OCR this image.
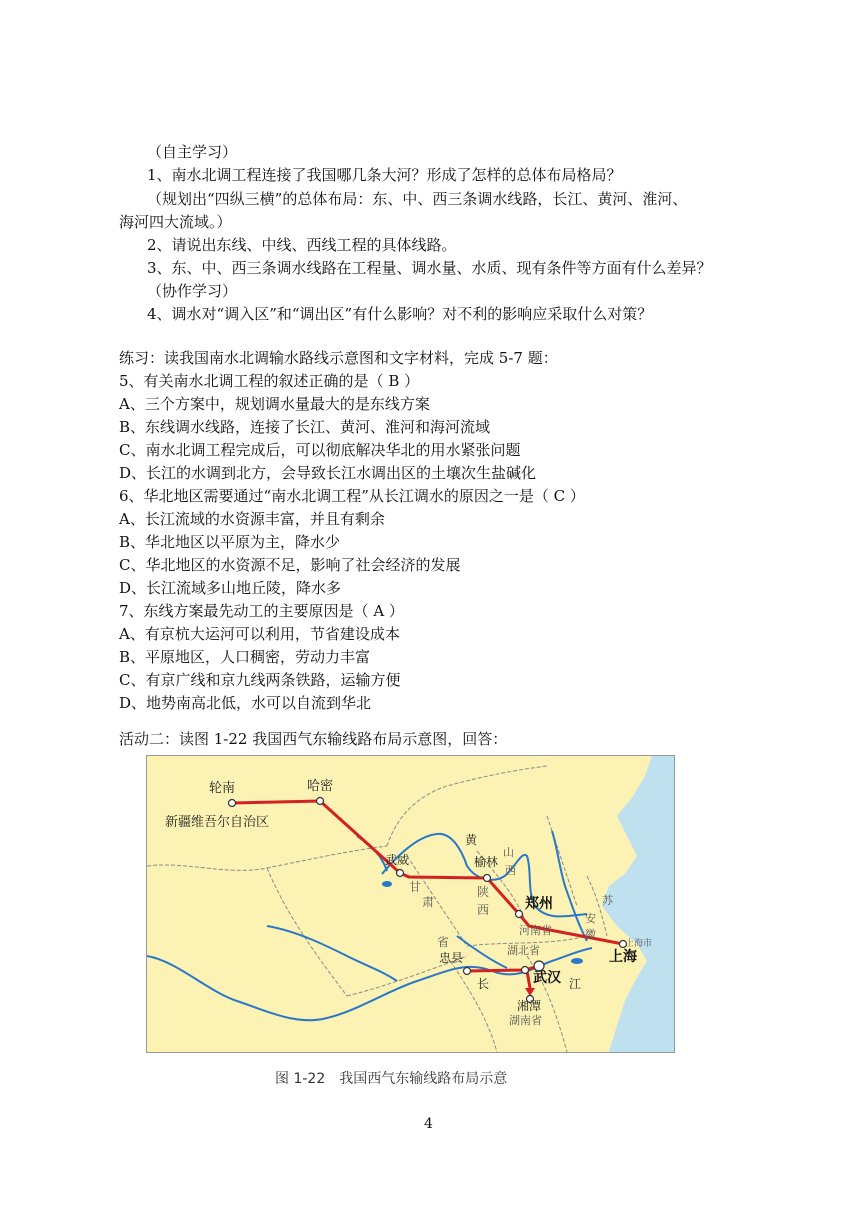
（自主学习）
1、南水北调工程连接了我国哪几条大河？形成了怎样的总体布局格局？
（规划出“四纵三横”的总体布局：东、中、西三条调水线路，长江、黄河、淮河、
海河四大流域。）
2、请说出东线、中线、西线工程的具体线路。
3、东、中、西三条调水线路在工程量、调水量、水质、现有条件等方面有什么差异？
（协作学习）
4、调水对“调入区”和“调出区”有什么影响？对不利的影响应采取什么对策？
练习：读我国南水北调输水路线示意图和文字材料，完成 5-7 题：
5、有关南水北调工程的叙述正确的是（ B ）
A、三个方案中，规划调水量最大的是东线方案
B、东线调水线路，连接了长江、黄河、淮河和海河流域
C、南水北调工程完成后，可以彻底解决华北的用水紧张问题
D、长江的水调到北方，会导致长江水调出区的土壤次生盐碱化
6、华北地区需要通过“南水北调工程”从长江调水的原因之一是（ C ）
A、长江流域的水资源丰富，并且有剩余
B、华北地区以平原为主，降水少
C、华北地区的水资源不足，影响了社会经济的发展
D、长江流域多山地丘陵，降水多
7、东线方案最先动工的主要原因是（ A ）
A、有京杭大运河可以利用，节省建设成本
B、平原地区，人口稠密，劳动力丰富
C、有京广线和京九线两条铁路，运输方便
D、地势南高北低，水可以自流到华北
活动二：读图 1-22 我国西气东输线路布局示意图，回答：
新疆维吾尔自治区
轮南	哈密
武威	榆林
郑州
上海
忠县
武汉
湘潭
甘
肃
陕
西
省
河南省
湖北省
湖南省
山
西
安
徽
苏
上海市
黄
长	江
图 1-22　我国西气东输线路布局示意
4
